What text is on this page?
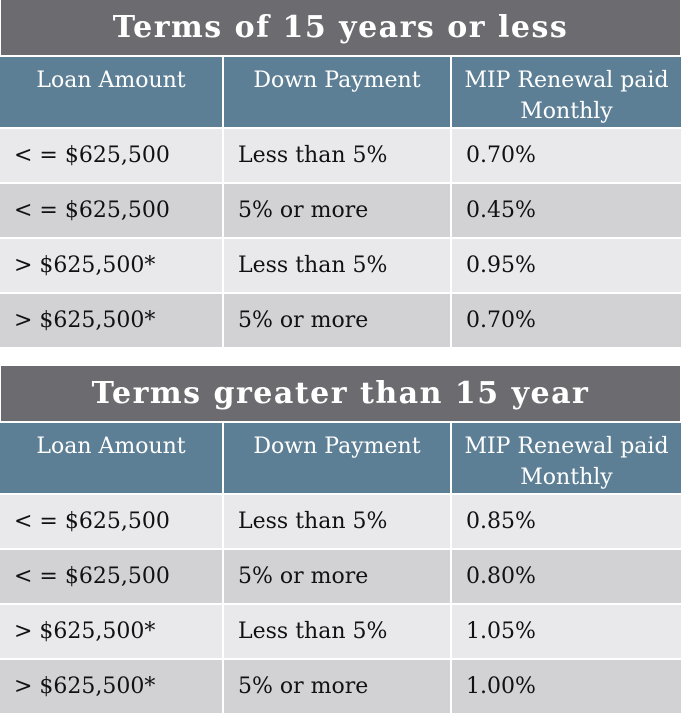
Terms of 15 years or less
Loan Amount	Down Payment	MIP Renewal paid Monthly
< = $625,500	Less than 5%	0.70%
< = $625,500	5% or more	0.45%
> $625,500*	Less than 5%	0.95%
> $625,500*	5% or more	0.70%
Terms greater than 15 year
Loan Amount	Down Payment	MIP Renewal paid Monthly
< = $625,500	Less than 5%	0.85%
< = $625,500	5% or more	0.80%
> $625,500*	Less than 5%	1.05%
> $625,500*	5% or more	1.00%
